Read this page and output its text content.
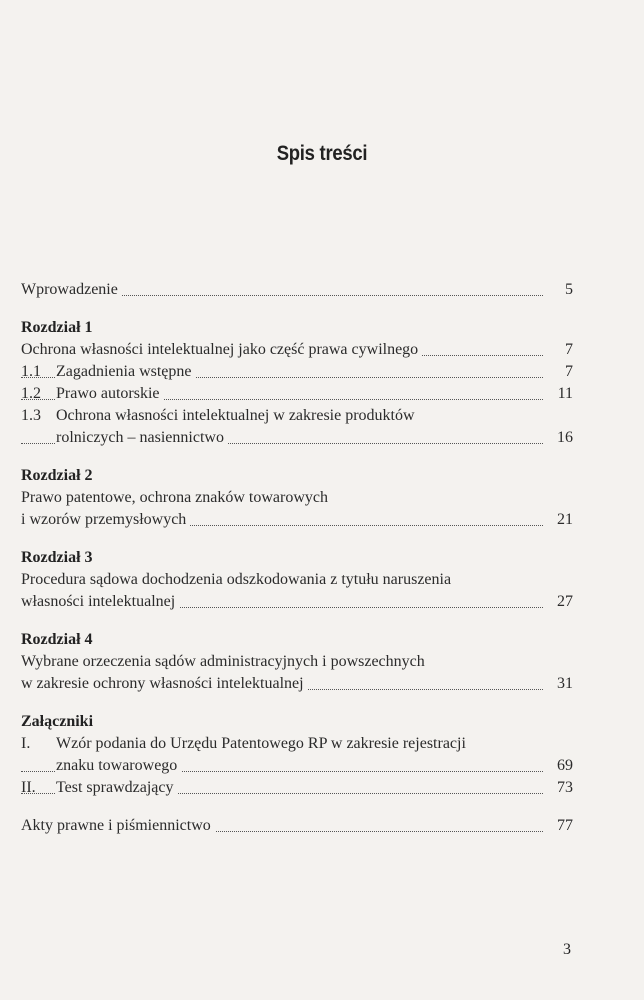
Spis treści
Wprowadzenie	5
Rozdział 1
Ochrona własności intelektualnej jako część prawa cywilnego	7
1.1 Zagadnienia wstępne	7
1.2 Prawo autorskie	11
1.3 Ochrona własności intelektualnej w zakresie produktów
rolniczych – nasiennictwo	16
Rozdział 2
Prawo patentowe, ochrona znaków towarowych
i wzorów przemysłowych	21
Rozdział 3
Procedura sądowa dochodzenia odszkodowania z tytułu naruszenia
własności intelektualnej	27
Rozdział 4
Wybrane orzeczenia sądów administracyjnych i powszechnych
w zakresie ochrony własności intelektualnej	31
Załączniki
I. Wzór podania do Urzędu Patentowego RP w zakresie rejestracji
znaku towarowego	69
II. Test sprawdzający	73
Akty prawne i piśmiennictwo	77
3
